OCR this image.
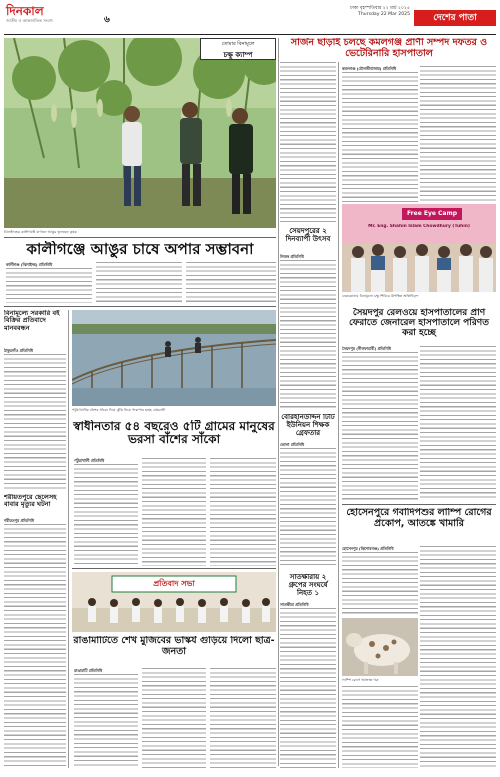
দিনকাল
জাতীয় ও আন্তর্জাতিক সংবাদ	৬
ঢাকা বৃহস্পতিবার ২২ মার্চ ২০২৫
Thursday 22 Mar 2025	দেশের পাতা
ঝিনাইদহের কালীগঞ্জে বাগানে আঙুর তুলছেন কৃষক
কালীগঞ্জে আঙুর চাষে অপার সম্ভাবনা
কালীগঞ্জ (ঝিনাইদহ) প্রতিনিধি
তোমার বিনামূলে
চক্ষু ক্যাম্প
সৈয়দপুরের ২ দিনব্যাপী উৎসব
নিজস্ব প্রতিনিধি
বোরহানউদ্দিন টিটি ইউনিয়ন শিক্ষক গ্রেফতার
ভোলা প্রতিনিধি
সাতক্ষীরায় ২ গ্রুপের সংঘর্ষে নিহত ১
সাতক্ষীরা প্রতিনিধি
সার্জন ছাড়াই চলছে কমলগঞ্জ প্রাণী সম্পদ দফতর ও ভেটেরিনারি হাসপাতাল
কমলগঞ্জ (মৌলভীবাজার) প্রতিনিধি
Free Eye Camp
Mr. Eng. Shahin Islam Chowdhury (Tuhin)
নেত্রকোনায় বিনামূল্যে চক্ষু শিবিরে উপস্থিত অতিথিবৃন্দ
সৈয়দপুর রেলওয়ে হাসপাতালের প্রাণ ফেরাতে জেনারেল হাসপাতালে পরিণত করা হচ্ছে
সৈয়দপুর (নীলফামারী) প্রতিনিধি
বিনামূল্যে সরকারি বই বিক্রির প্রতিবাদে মানববন্ধন
ঠাকুরগাঁও প্রতিনিধি
শরীয়তপুরে ছেলেসহ বাবার মৃত্যুর ঘটনা
শরীয়তপুর প্রতিনিধি
পটুয়াখালীর বাঁশের সাঁকো দিয়ে ঝুঁকি নিয়ে পারাপার হচ্ছে গ্রামবাসী
স্বাধীনতার ৫৪ বছরেও ৫টি গ্রামের মানুষের ভরসা বাঁশের সাঁকো
পটুয়াখালী প্রতিনিধি
প্রতিবাদ সভা
রাঙামাটিতে শেখ মুজিবের ভাস্কর্য গুঁড়িয়ে দিলো ছাত্র-জনতা
রাঙামাটি প্রতিনিধি
হোসেনপুরে গবাদিপশুর লাম্পি রোগের প্রকোপ, আতঙ্কে খামারি
হোসেনপুর (কিশোরগঞ্জ) প্রতিনিধি
লাম্পি রোগে আক্রান্ত গরু
